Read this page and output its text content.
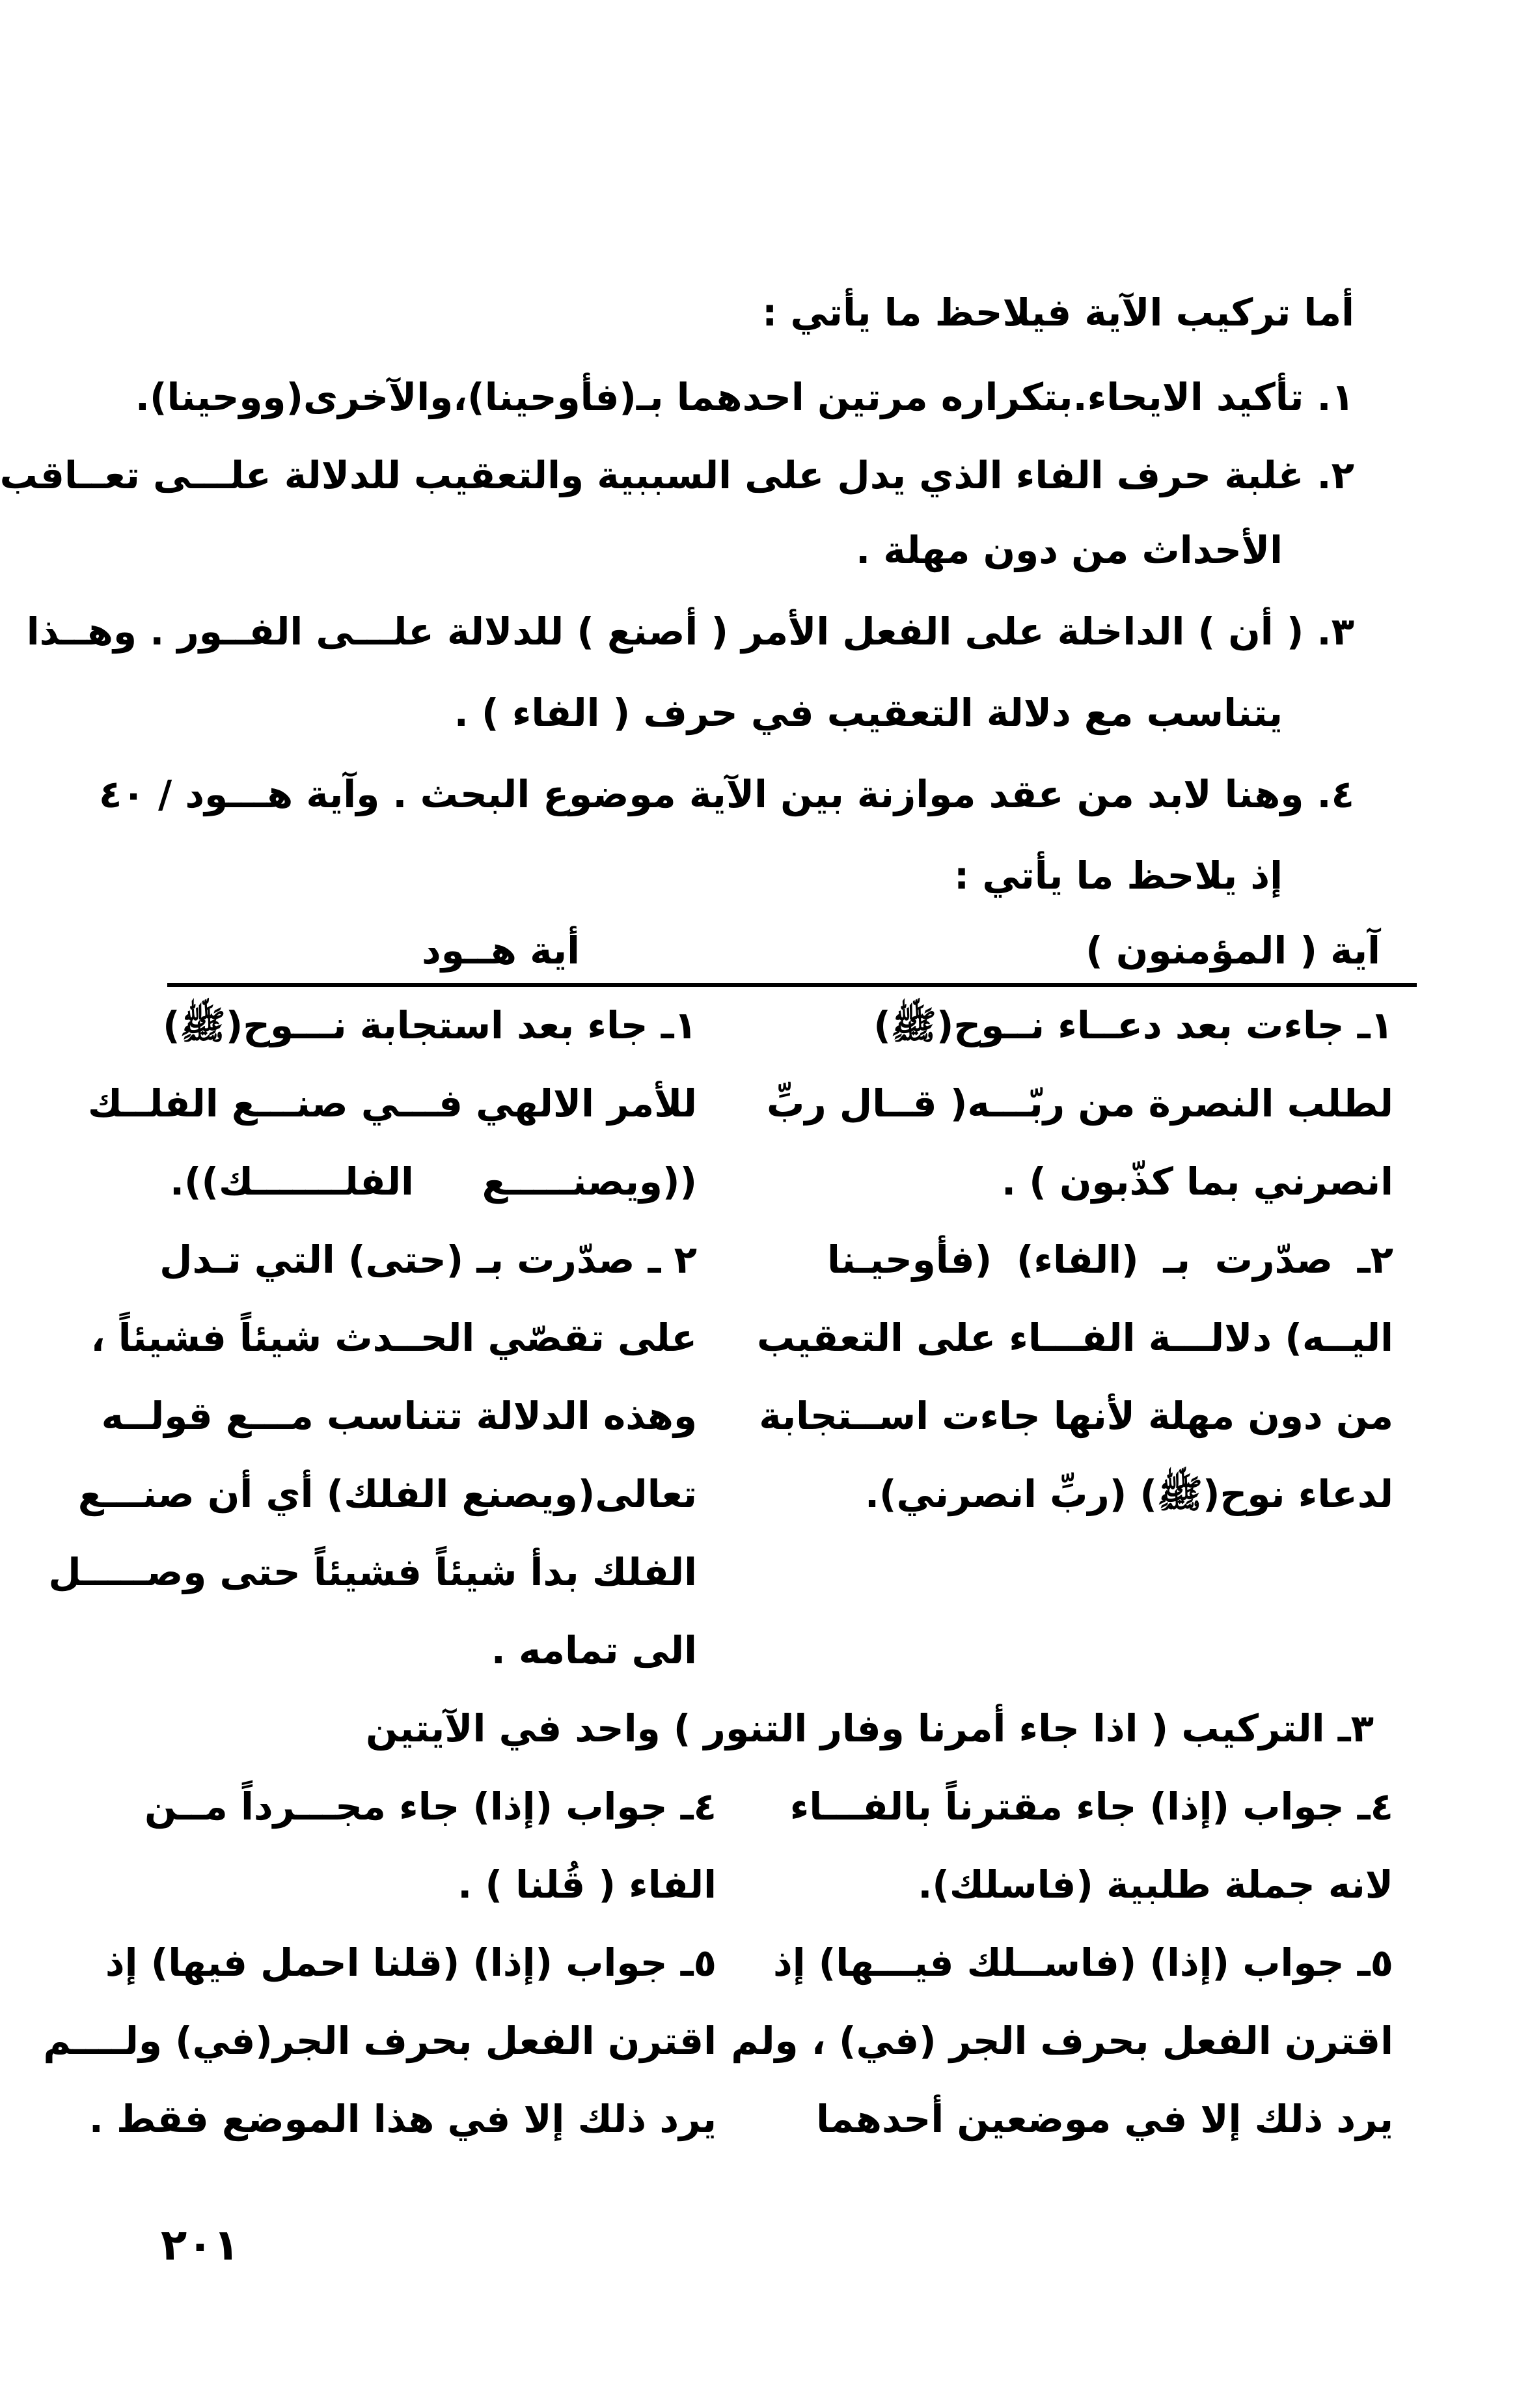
أما تركيب الآية فيلاحظ ما يأتي :
١. تأكيد الايحاء.بتكراره مرتين احدهما بـ(فأوحينا)،والآخرى(ووحينا).
٢. غلبة حرف الفاء الذي يدل على السببية والتعقيب للدلالة علـــى تعــاقب
الأحداث من دون مهلة .
٣. ( أن ) الداخلة على الفعل الأمر ( أصنع ) للدلالة علـــى الفــور . وهــذا
يتناسب مع دلالة التعقيب في حرف ( الفاء ) .
٤. وهنا لابد من عقد موازنة بين الآية موضوع البحث . وآية هـــود / ٤٠
إذ يلاحظ ما يأتي :
آية ( المؤمنون )
أية هــود
١ـ جاءت بعد دعــاء نــوح(ﷺ)
لطلب النصرة من ربّـــه( قــال ربِّ
انصرني بما كذّبون ) .
٢ـ صدّرت بـ (الفاء) (فأوحيـنا
اليــه) دلالـــة الفـــاء على التعقيب
من دون مهلة لأنها جاءت اســتجابة
لدعاء نوح(ﷺ) (ربِّ انصرني).
١ـ جاء بعد استجابة نـــوح(ﷺ)
للأمر الالهي فـــي صنـــع الفلــك
((ويصنـــــع الفلـــــــك)).
٢ ـ صدّرت بـ (حتى) التي تـدل
على تقصّي الحــدث شيئاً فشيئاً ،
وهذه الدلالة تتناسب مـــع قولــه
تعالى(ويصنع الفلك) أي أن صنـــع
الفلك بدأ شيئاً فشيئاً حتى وصـــــل
الى تمامه .
٣ـ التركيب ( اذا جاء أمرنا وفار التنور ) واحد في الآيتين
٤ـ جواب (إذا) جاء مقترناً بالفـــاء
لانه جملة طلبية (فاسلك).
٥ـ جواب (إذا) (فاســلك فيـــها) إذ
اقترن الفعل بحرف الجر (في) ، ولم
يرد ذلك إلا في موضعين أحدهما
٤ـ جواب (إذا) جاء مجـــرداً مــن
الفاء ( قُلنا ) .
٥ـ جواب (إذا) (قلنا احمل فيها) إذ
اقترن الفعل بحرف الجر(في) ولــــم
يرد ذلك إلا في هذا الموضع فقط .
٢٠١
